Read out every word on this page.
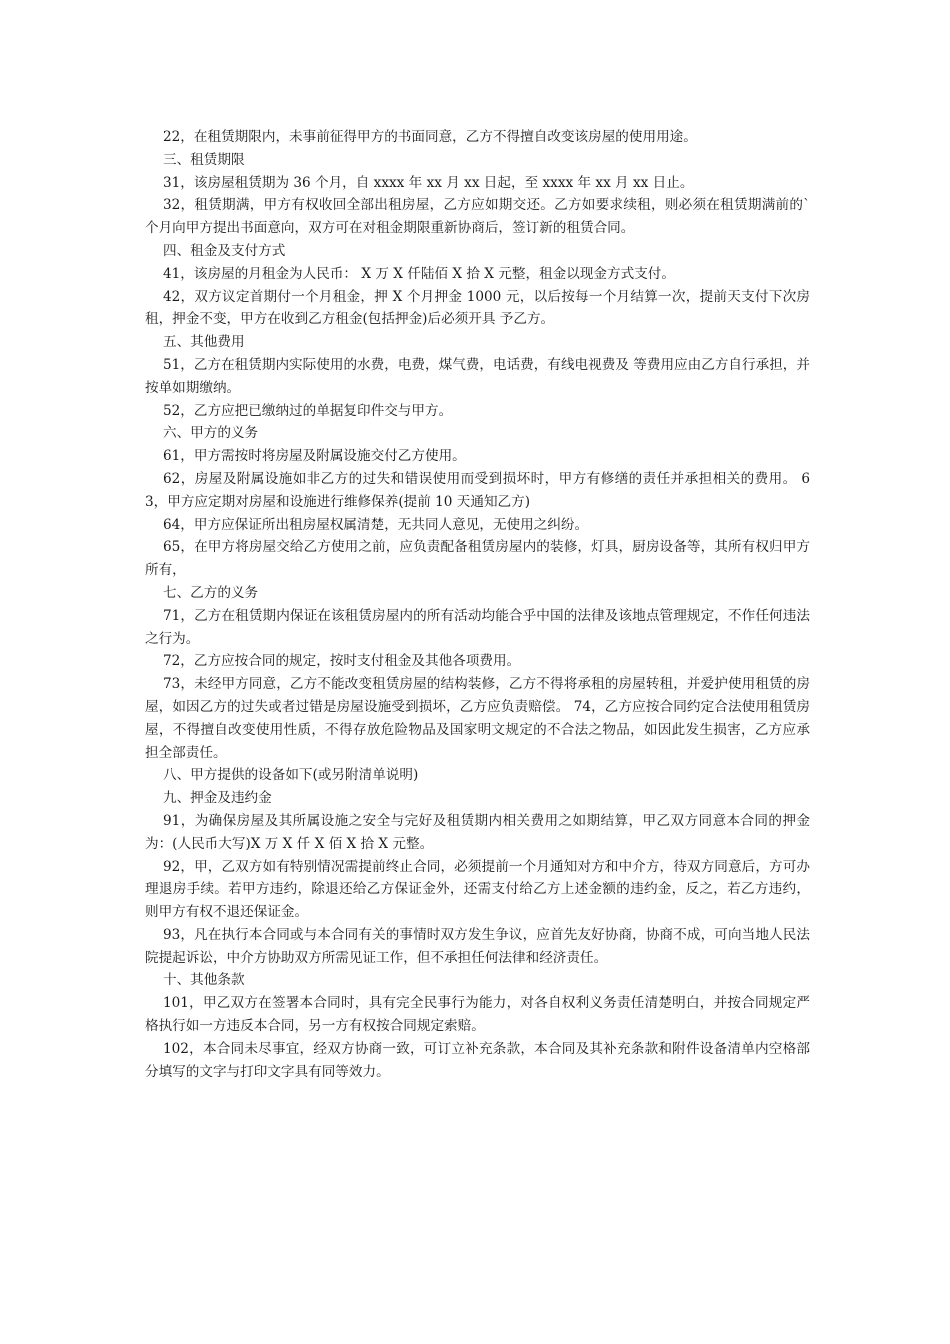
22，在租赁期限内，未事前征得甲方的书面同意，乙方不得擅自改变该房屋的使用用途。

三、租赁期限

31，该房屋租赁期为 36 个月，自 xxxx 年 xx 月 xx 日起，至 xxxx 年 xx 月 xx 日止。

32，租赁期满，甲方有权收回全部出租房屋，乙方应如期交还。乙方如要求续租，则必须在租赁期满前的` 个月向甲方提出书面意向，双方可在对租金期限重新协商后，签订新的租赁合同。

四、租金及支付方式

41，该房屋的月租金为人民币： X 万 X 仟陆佰 X 拾 X 元整，租金以现金方式支付。

42，双方议定首期付一个月租金，押 X 个月押金 1000 元，以后按每一个月结算一次，提前天支付下次房租，押金不变，甲方在收到乙方租金(包括押金)后必须开具 予乙方。

五、其他费用

51，乙方在租赁期内实际使用的水费，电费，煤气费，电话费，有线电视费及 等费用应由乙方自行承担，并按单如期缴纳。

52，乙方应把已缴纳过的单据复印件交与甲方。

六、甲方的义务

61，甲方需按时将房屋及附属设施交付乙方使用。

62，房屋及附属设施如非乙方的过失和错误使用而受到损坏时，甲方有修缮的责任并承担相关的费用。 63，甲方应定期对房屋和设施进行维修保养(提前 10 天通知乙方)

64，甲方应保证所出租房屋权属清楚，无共同人意见，无使用之纠纷。

65，在甲方将房屋交给乙方使用之前，应负责配备租赁房屋内的装修，灯具，厨房设备等，其所有权归甲方所有，

七、乙方的义务

71，乙方在租赁期内保证在该租赁房屋内的所有活动均能合乎中国的法律及该地点管理规定，不作任何违法之行为。

72，乙方应按合同的规定，按时支付租金及其他各项费用。

73，未经甲方同意，乙方不能改变租赁房屋的结构装修，乙方不得将承租的房屋转租，并爱护使用租赁的房屋，如因乙方的过失或者过错是房屋设施受到损坏，乙方应负责赔偿。 74，乙方应按合同约定合法使用租赁房屋，不得擅自改变使用性质，不得存放危险物品及国家明文规定的不合法之物品，如因此发生损害，乙方应承担全部责任。

八、甲方提供的设备如下(或另附清单说明)

九、押金及违约金

91，为确保房屋及其所属设施之安全与完好及租赁期内相关费用之如期结算，甲乙双方同意本合同的押金为：(人民币大写)X 万 X 仟 X 佰 X 拾 X 元整。

92，甲，乙双方如有特别情况需提前终止合同，必须提前一个月通知对方和中介方，待双方同意后，方可办理退房手续。若甲方违约，除退还给乙方保证金外，还需支付给乙方上述金额的违约金，反之，若乙方违约，则甲方有权不退还保证金。

93，凡在执行本合同或与本合同有关的事情时双方发生争议，应首先友好协商，协商不成，可向当地人民法院提起诉讼，中介方协助双方所需见证工作，但不承担任何法律和经济责任。

十、其他条款

101，甲乙双方在签署本合同时，具有完全民事行为能力，对各自权利义务责任清楚明白，并按合同规定严格执行如一方违反本合同，另一方有权按合同规定索赔。

102，本合同未尽事宜，经双方协商一致，可订立补充条款，本合同及其补充条款和附件设备清单内空格部分填写的文字与打印文字具有同等效力。
